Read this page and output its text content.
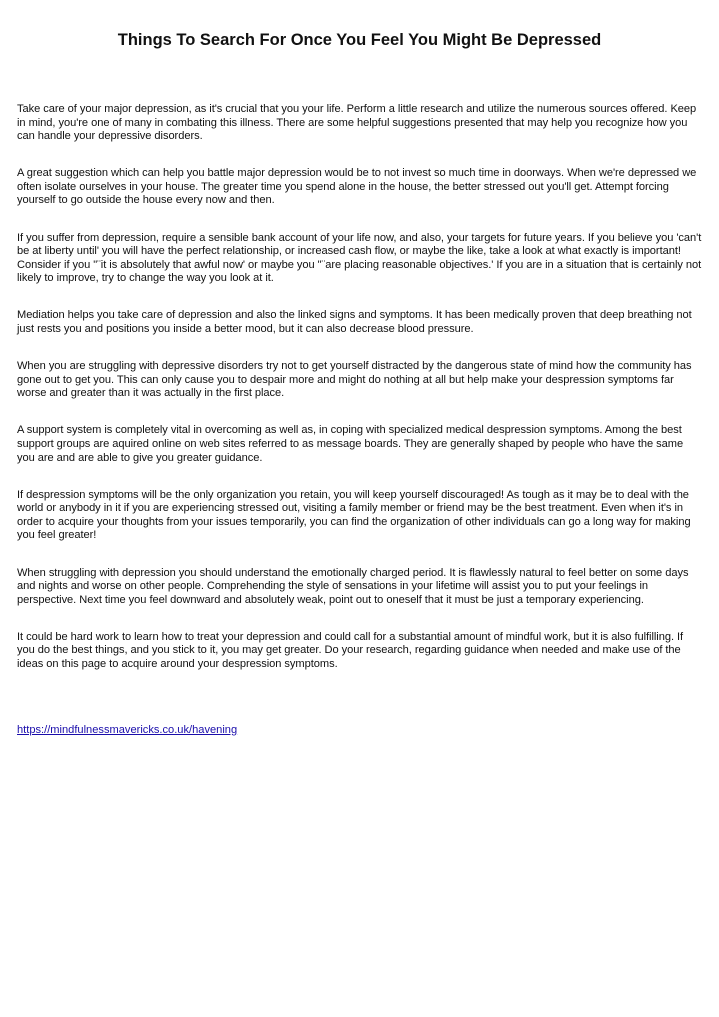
Things To Search For Once You Feel You Might Be Depressed

Take care of your major depression, as it's crucial that you your life. Perform a little research and utilize the numerous sources offered. Keep in mind, you're one of many in combating this illness. There are some helpful suggestions presented that may help you recognize how you can handle your depressive disorders.

A great suggestion which can help you battle major depression would be to not invest so much time in doorways. When we're depressed we often isolate ourselves in your house. The greater time you spend alone in the house, the better stressed out you'll get. Attempt forcing yourself to go outside the house every now and then.

If you suffer from depression, require a sensible bank account of your life now, and also, your targets for future years. If you believe you 'can't be at liberty until' you will have the perfect relationship, or increased cash flow, or maybe the like, take a look at what exactly is important! Consider if you "¨it is absolutely that awful now' or maybe you "¨are placing reasonable objectives.' If you are in a situation that is certainly not likely to improve, try to change the way you look at it.

Mediation helps you take care of depression and also the linked signs and symptoms. It has been medically proven that deep breathing not just rests you and positions you inside a better mood, but it can also decrease blood pressure.

When you are struggling with depressive disorders try not to get yourself distracted by the dangerous state of mind how the community has gone out to get you. This can only cause you to despair more and might do nothing at all but help make your despression symptoms far worse and greater than it was actually in the first place.

A support system is completely vital in overcoming as well as, in coping with specialized medical despression symptoms. Among the best support groups are aquired online on web sites referred to as message boards. They are generally shaped by people who have the same you are and are able to give you greater guidance.

If despression symptoms will be the only organization you retain, you will keep yourself discouraged! As tough as it may be to deal with the world or anybody in it if you are experiencing stressed out, visiting a family member or friend may be the best treatment. Even when it's in order to acquire your thoughts from your issues temporarily, you can find the organization of other individuals can go a long way for making you feel greater!

When struggling with depression you should understand the emotionally charged period. It is flawlessly natural to feel better on some days and nights and worse on other people. Comprehending the style of sensations in your lifetime will assist you to put your feelings in perspective. Next time you feel downward and absolutely weak, point out to oneself that it must be just a temporary experiencing.

It could be hard work to learn how to treat your depression and could call for a substantial amount of mindful work, but it is also fulfilling. If you do the best things, and you stick to it, you may get greater. Do your research, regarding guidance when needed and make use of the ideas on this page to acquire around your despression symptoms.

https://mindfulnessmavericks.co.uk/havening
